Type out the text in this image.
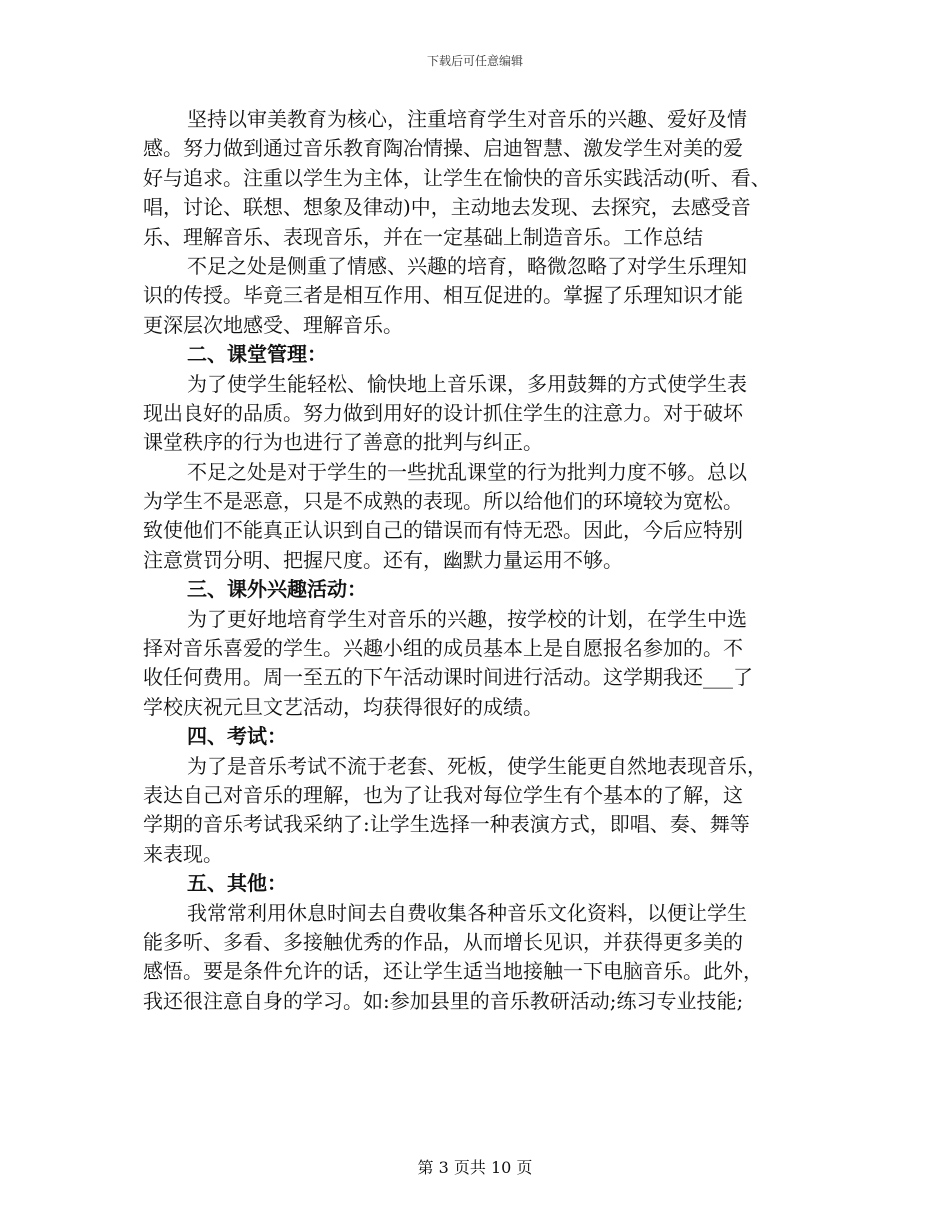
下载后可任意编辑
坚持以审美教育为核心，注重培育学生对音乐的兴趣、爱好及情
感。努力做到通过音乐教育陶冶情操、启迪智慧、激发学生对美的爱
好与追求。注重以学生为主体，让学生在愉快的音乐实践活动(听、看、
唱，讨论、联想、想象及律动)中，主动地去发现、去探究，去感受音
乐、理解音乐、表现音乐，并在一定基础上制造音乐。工作总结
不足之处是侧重了情感、兴趣的培育，略微忽略了对学生乐理知
识的传授。毕竟三者是相互作用、相互促进的。掌握了乐理知识才能
更深层次地感受、理解音乐。
二、课堂管理：
为了使学生能轻松、愉快地上音乐课，多用鼓舞的方式使学生表
现出良好的品质。努力做到用好的设计抓住学生的注意力。对于破坏
课堂秩序的行为也进行了善意的批判与纠正。
不足之处是对于学生的一些扰乱课堂的行为批判力度不够。总以
为学生不是恶意，只是不成熟的表现。所以给他们的环境较为宽松。
致使他们不能真正认识到自己的错误而有恃无恐。因此，今后应特别
注意赏罚分明、把握尺度。还有，幽默力量运用不够。
三、课外兴趣活动：
为了更好地培育学生对音乐的兴趣，按学校的计划，在学生中选
择对音乐喜爱的学生。兴趣小组的成员基本上是自愿报名参加的。不
收任何费用。周一至五的下午活动课时间进行活动。这学期我还___了
学校庆祝元旦文艺活动，均获得很好的成绩。
四、考试：
为了是音乐考试不流于老套、死板，使学生能更自然地表现音乐，
表达自己对音乐的理解，也为了让我对每位学生有个基本的了解，这
学期的音乐考试我采纳了:让学生选择一种表演方式，即唱、奏、舞等
来表现。
五、其他：
我常常利用休息时间去自费收集各种音乐文化资料，以便让学生
能多听、多看、多接触优秀的作品，从而增长见识，并获得更多美的
感悟。要是条件允许的话，还让学生适当地接触一下电脑音乐。此外，
我还很注意自身的学习。如:参加县里的音乐教研活动;练习专业技能;
第 3 页共 10 页
